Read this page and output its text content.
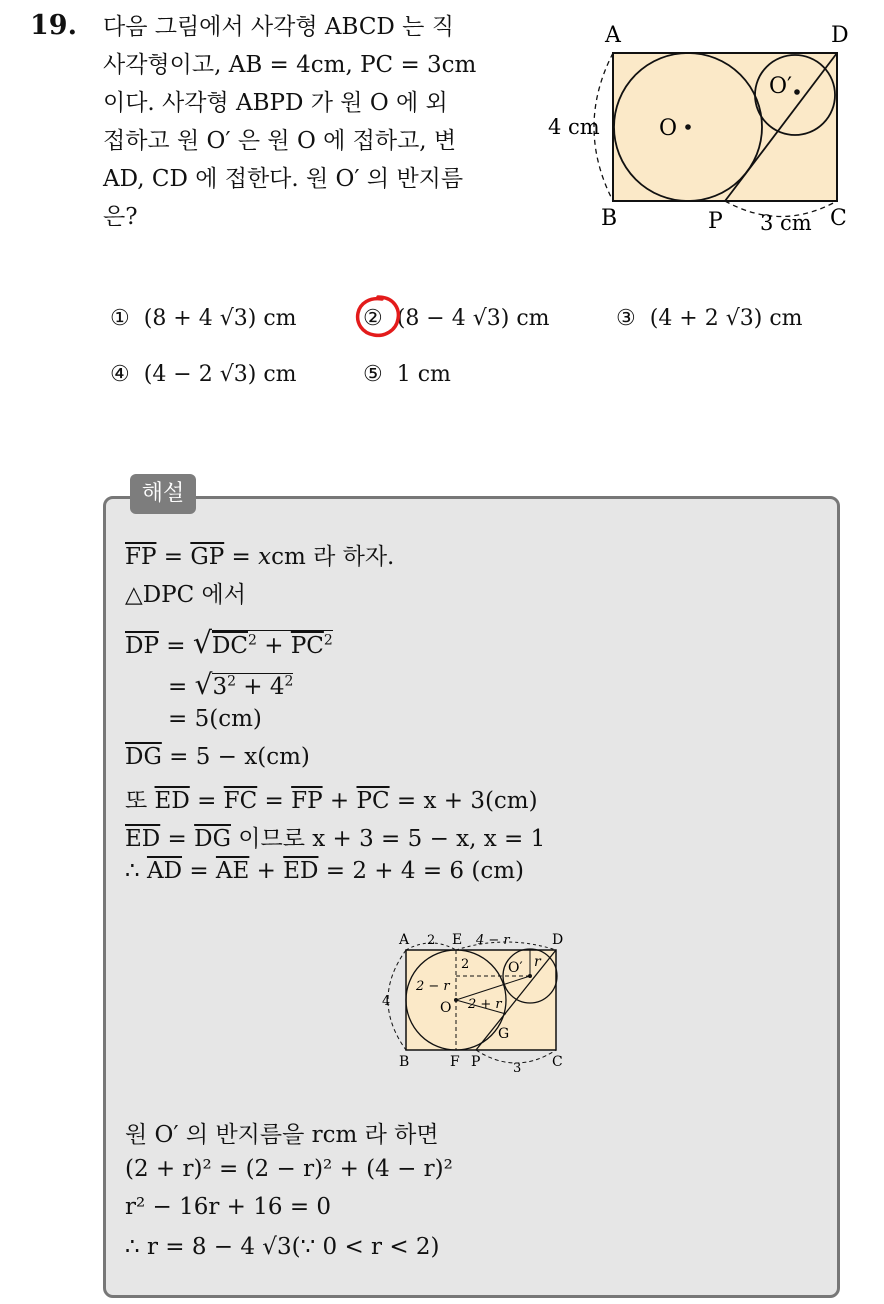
19. 다음 그림에서 사각형 ABCD 는 직
사각형이고, AB = 4cm, PC = 3cm
이다. 사각형 ABPD 가 원 O 에 외
접하고 원 O′ 은 원 O 에 접하고, 변
AD, CD 에 접한다. 원 O′ 의 반지름
은?
A	D
B	C
P
O
O′
4 cm
3 cm
① (8 + 4 √3) cm	② (8 − 4 √3) cm	③ (4 + 2 √3) cm
④ (4 − 2 √3) cm	⑤ 1 cm
해설
$\overline{FP} = \overline{GP}$ = xcm 라 하자.
△DPC 에서
$\overline{DP} = √DC^2 + \overline{PC}^2$
= $√3^2 + 4^2$
= 5(cm)
$\overline{DG} = 5 - x(cm)$
또 $\overline{ED} = \overline{FC} = \overline{FP} + \overline{PC} = x + 3(cm)$
$\overline{ED} = \overline{DG}$ 이므로 x + 3 = 5 − x, x = 1
∴ $\overline{AD} = \overline{AE} + \overline{ED} = 2 + 4 = 6$ (cm)
A	E	D
B	F P	C
O
O′
G
2	4 − r
4
2
2 − r
2 + r
r
3
원 O′ 의 반지름을 rcm 라 하면
(2 + r)² = (2 − r)² + (4 − r)²
r² − 16r + 16 = 0
∴ r = 8 − 4 √3(∵ 0 < r < 2)
